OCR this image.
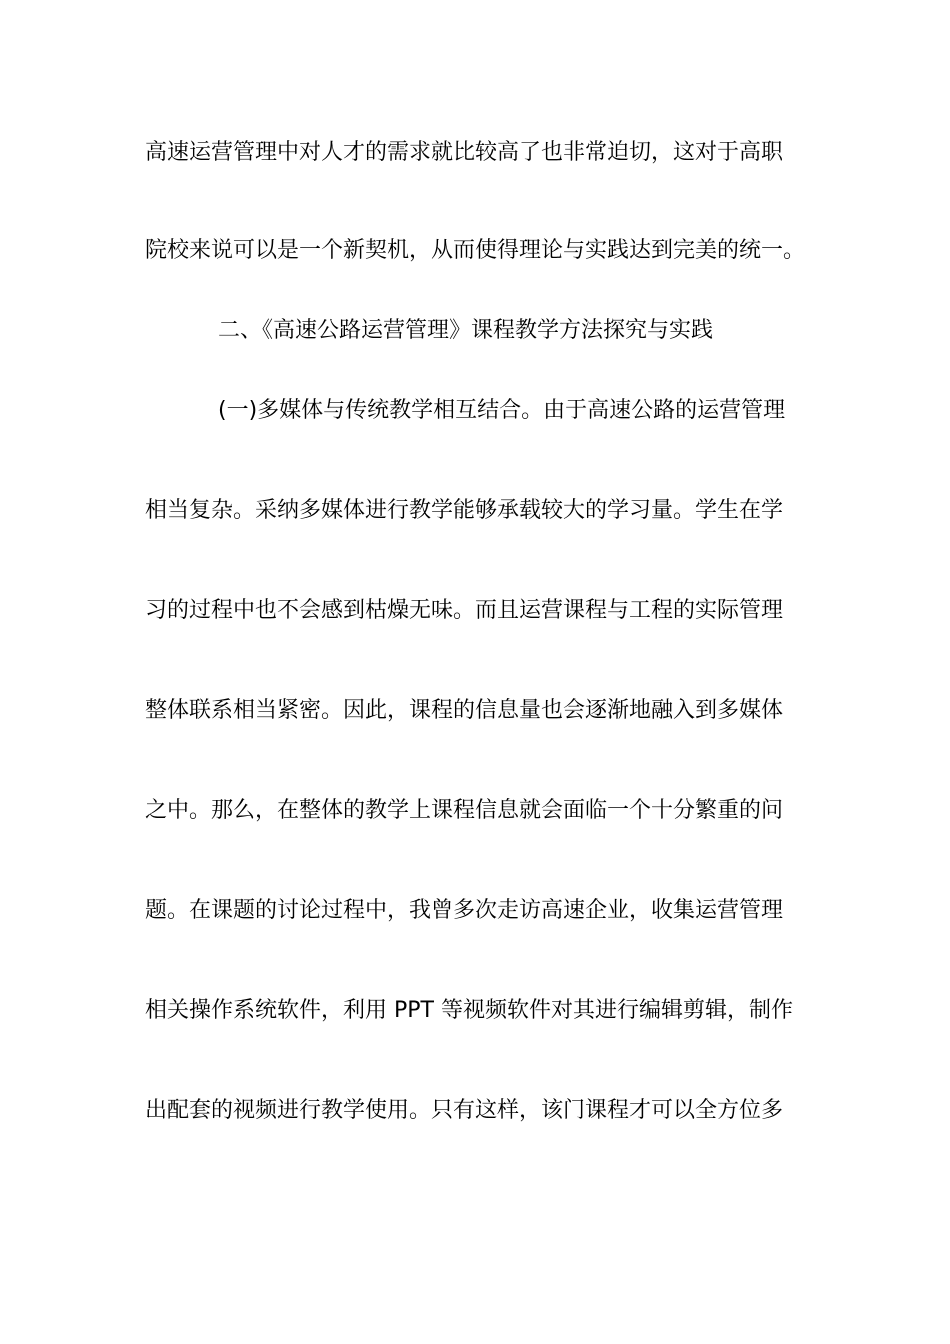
高速运营管理中对人才的需求就比较高了也非常迫切，这对于高职
院校来说可以是一个新契机，从而使得理论与实践达到完美的统一。
二、《高速公路运营管理》课程教学方法探究与实践
(一)多媒体与传统教学相互结合。由于高速公路的运营管理
相当复杂。采纳多媒体进行教学能够承载较大的学习量。学生在学
习的过程中也不会感到枯燥无味。而且运营课程与工程的实际管理
整体联系相当紧密。因此，课程的信息量也会逐渐地融入到多媒体
之中。那么，在整体的教学上课程信息就会面临一个十分繁重的问
题。在课题的讨论过程中，我曾多次走访高速企业，收集运营管理
相关操作系统软件，利用 PPT 等视频软件对其进行编辑剪辑，制作
出配套的视频进行教学使用。只有这样，该门课程才可以全方位多
